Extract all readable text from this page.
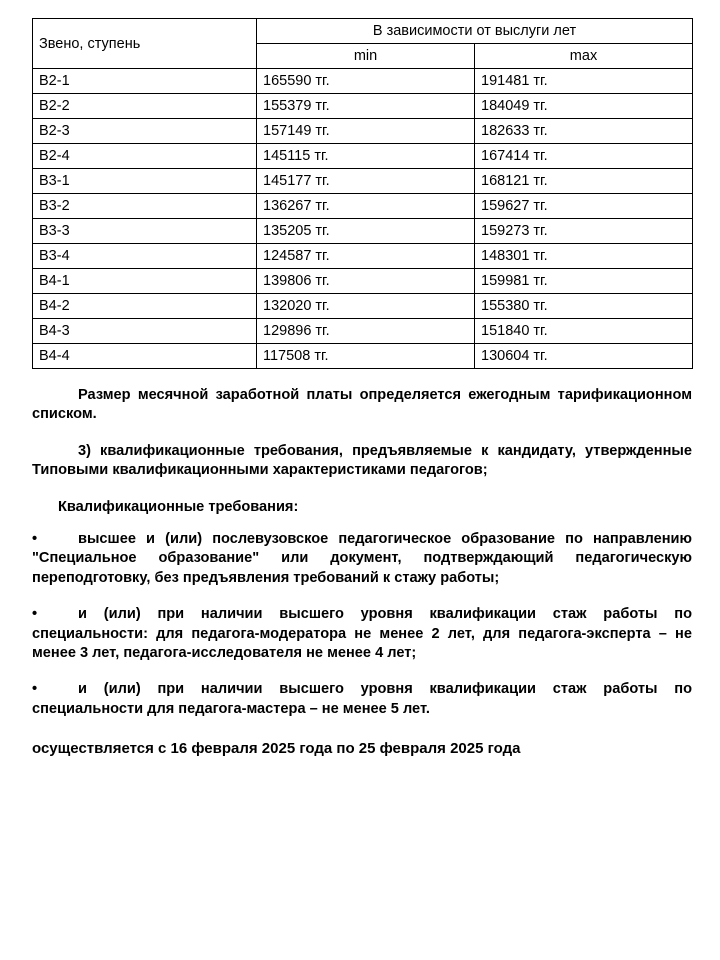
Звено, ступень	В зависимости от выслуги лет	
	min	max
В2-1	165590 тг.	191481 тг.
В2-2	155379 тг.	184049 тг.
В2-3	157149 тг.	182633 тг.
В2-4	145115 тг.	167414 тг.
В3-1	145177 тг.	168121 тг.
В3-2	136267 тг.	159627 тг.
В3-3	135205 тг.	159273 тг.
В3-4	124587 тг.	148301 тг.
В4-1	139806 тг.	159981 тг.
В4-2	132020 тг.	155380 тг.
В4-3	129896 тг.	151840 тг.
В4-4	117508 тг.	130604 тг.

Размер месячной заработной платы определяется ежегодным тарификационном списком.

3) квалификационные требования, предъявляемые к кандидату, утвержденные Типовыми квалификационными характеристиками педагогов;

Квалификационные требования:

•	высшее и (или) послевузовское педагогическое образование по направлению "Специальное образование" или документ, подтверждающий педагогическую переподготовку, без предъявления требований к стажу работы;

•	и (или) при наличии высшего уровня квалификации стаж работы по специальности: для педагога-модератора не менее 2 лет, для педагога-эксперта – не менее 3 лет, педагога-исследователя не менее 4 лет;

•	и (или) при наличии высшего уровня квалификации стаж работы по специальности для педагога-мастера – не менее 5 лет.

осуществляется с 16 февраля 2025 года по 25 февраля 2025 года
